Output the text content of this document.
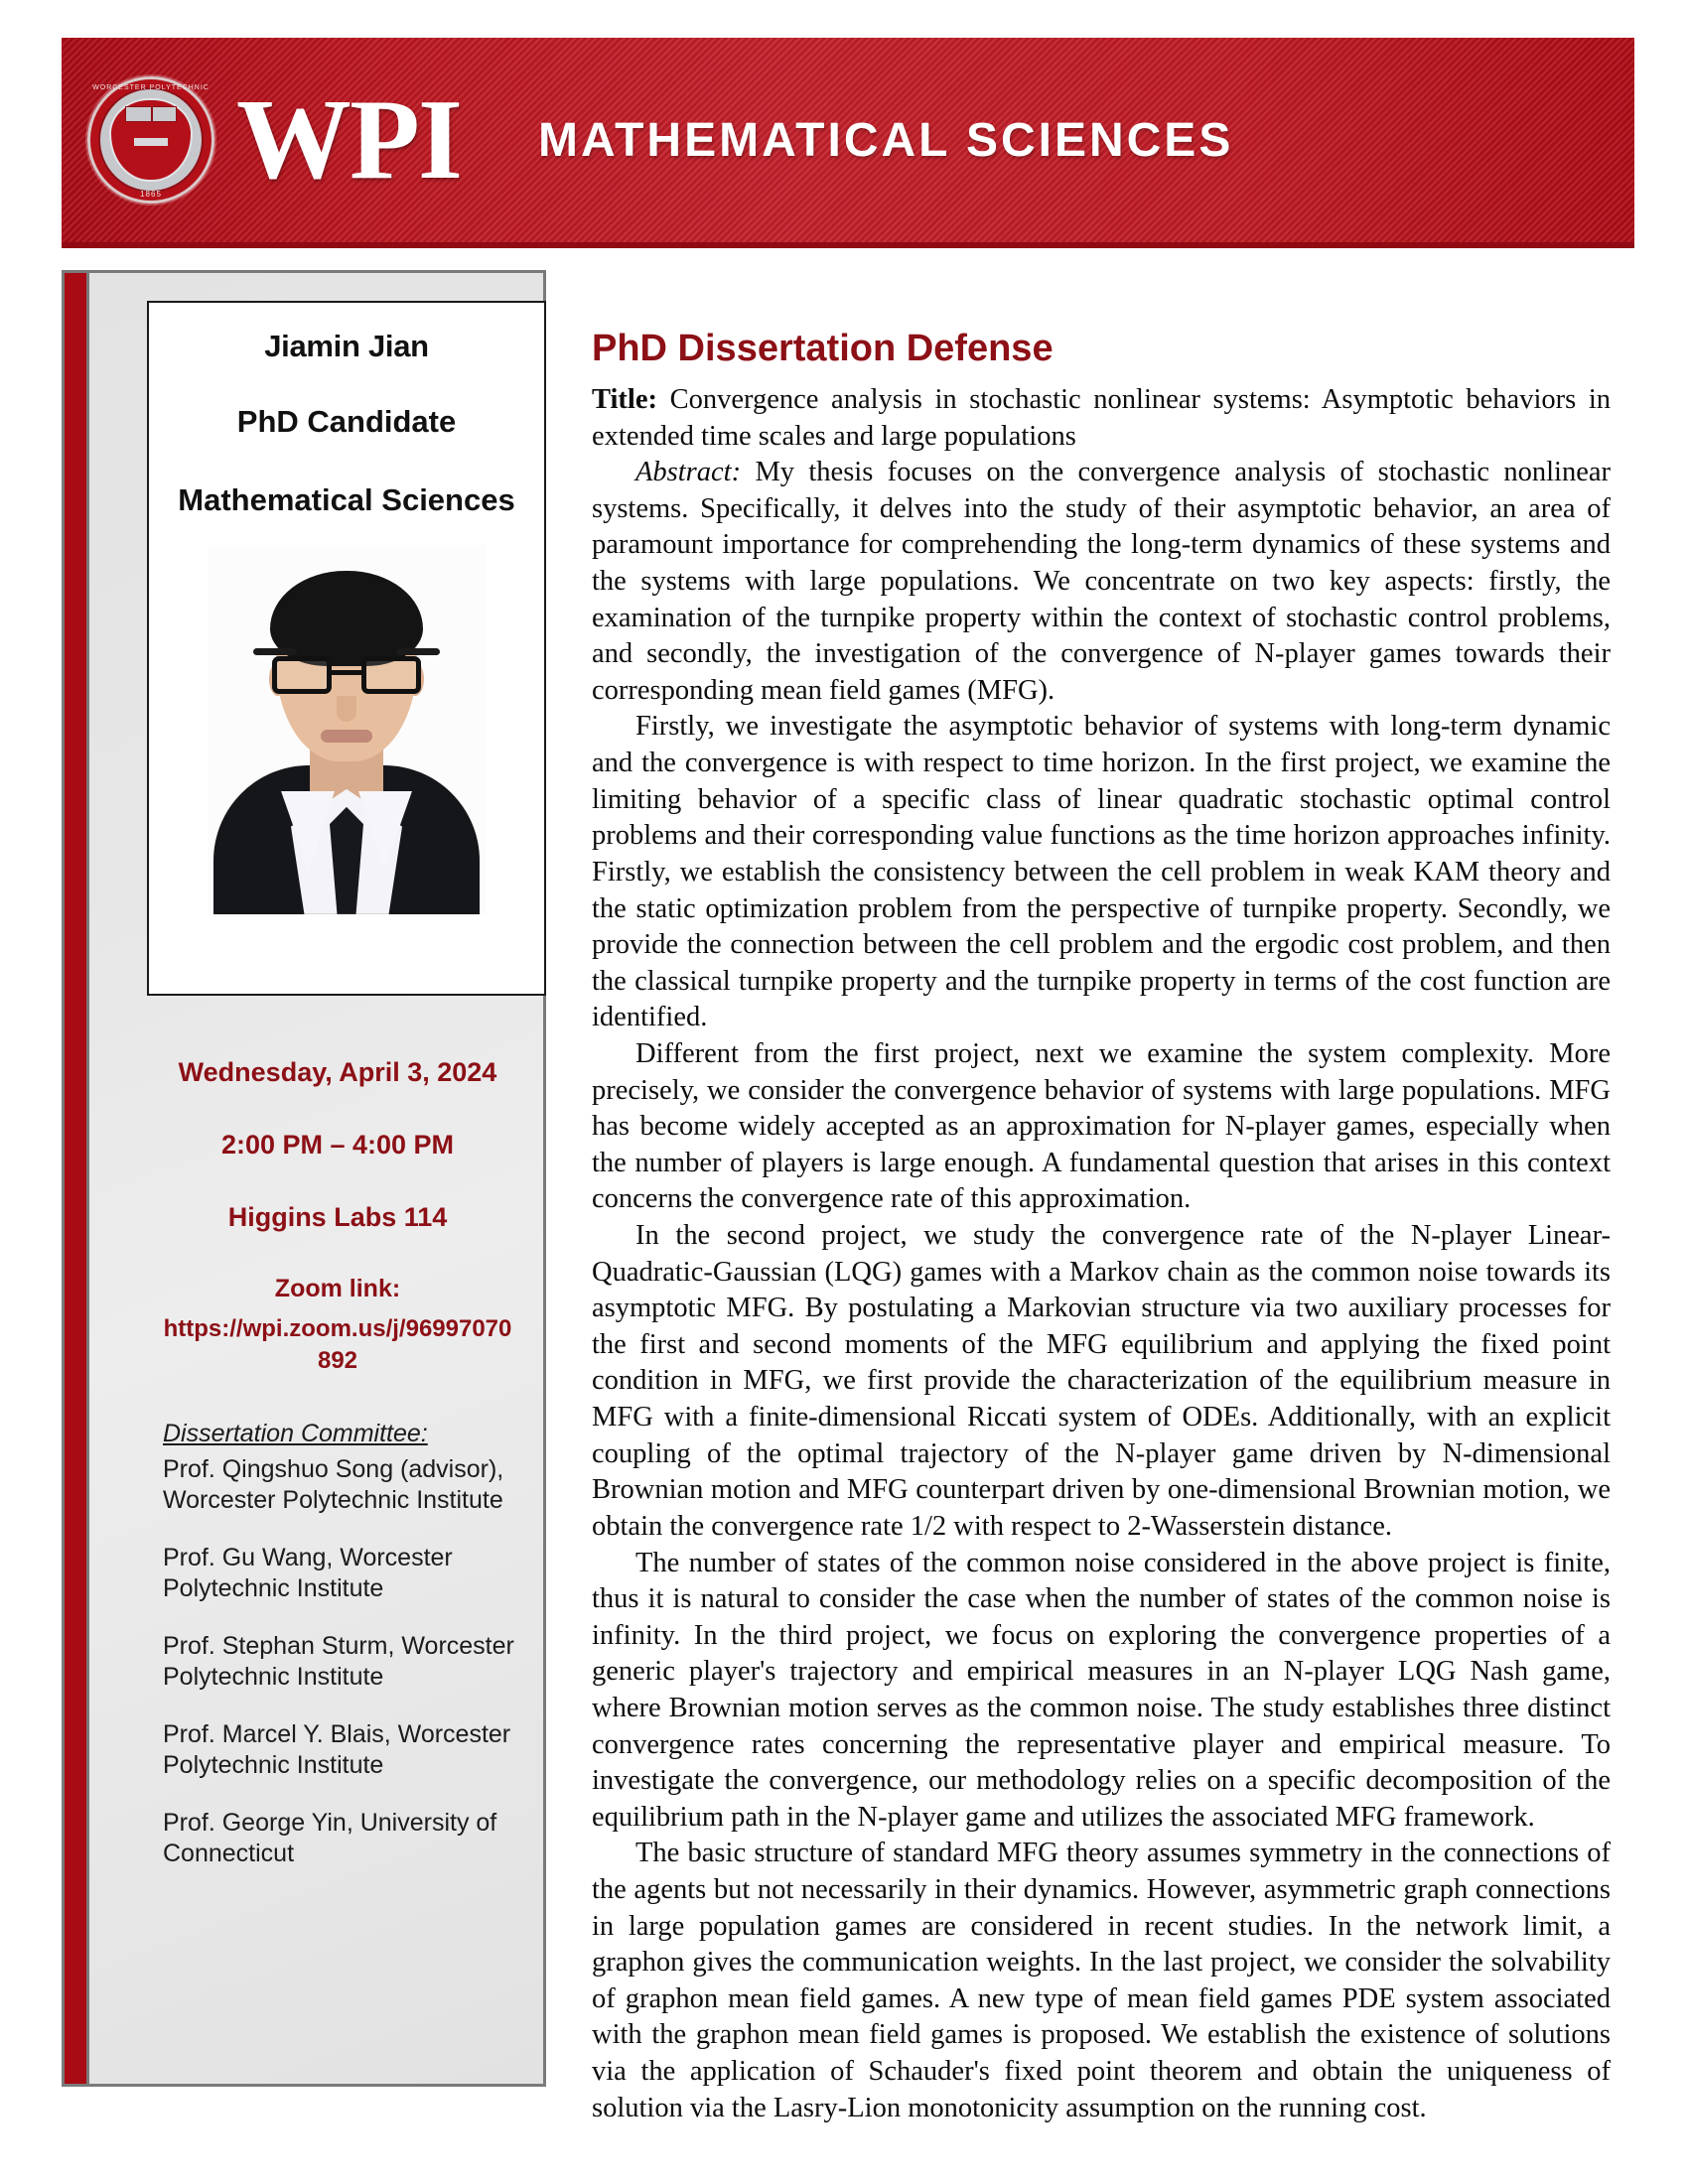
WORCESTER POLYTECHNIC
1865 WPI MATHEMATICAL SCIENCES
Jiamin Jian
PhD Candidate
Mathematical Sciences
Wednesday, April 3, 2024
2:00 PM – 4:00 PM
Higgins Labs 114
Zoom link:
https://wpi.zoom.us/j/96997070892
Dissertation Committee:
Prof. Qingshuo Song (advisor), Worcester Polytechnic Institute
Prof. Gu Wang, Worcester Polytechnic Institute
Prof. Stephan Sturm, Worcester Polytechnic Institute
Prof. Marcel Y. Blais, Worcester Polytechnic Institute
Prof. George Yin, University of Connecticut
PhD Dissertation Defense

Title: Convergence analysis in stochastic nonlinear systems: Asymptotic behaviors in extended time scales and large populations

Abstract: My thesis focuses on the convergence analysis of stochastic nonlinear systems. Specifically, it delves into the study of their asymptotic behavior, an area of paramount importance for comprehending the long-term dynamics of these systems and the systems with large populations. We concentrate on two key aspects: firstly, the examination of the turnpike property within the context of stochastic control problems, and secondly, the investigation of the convergence of N-player games towards their corresponding mean field games (MFG).

Firstly, we investigate the asymptotic behavior of systems with long-term dynamic and the convergence is with respect to time horizon. In the first project, we examine the limiting behavior of a specific class of linear quadratic stochastic optimal control problems and their corresponding value functions as the time horizon approaches infinity. Firstly, we establish the consistency between the cell problem in weak KAM theory and the static optimization problem from the perspective of turnpike property. Secondly, we provide the connection between the cell problem and the ergodic cost problem, and then the classical turnpike property and the turnpike property in terms of the cost function are identified.

Different from the first project, next we examine the system complexity. More precisely, we consider the convergence behavior of systems with large populations. MFG has become widely accepted as an approximation for N-player games, especially when the number of players is large enough. A fundamental question that arises in this context concerns the convergence rate of this approximation.

In the second project, we study the convergence rate of the N-player Linear-Quadratic-Gaussian (LQG) games with a Markov chain as the common noise towards its asymptotic MFG. By postulating a Markovian structure via two auxiliary processes for the first and second moments of the MFG equilibrium and applying the fixed point condition in MFG, we first provide the characterization of the equilibrium measure in MFG with a finite-dimensional Riccati system of ODEs. Additionally, with an explicit coupling of the optimal trajectory of the N-player game driven by N-dimensional Brownian motion and MFG counterpart driven by one-dimensional Brownian motion, we obtain the convergence rate 1/2 with respect to 2-Wasserstein distance.

The number of states of the common noise considered in the above project is finite, thus it is natural to consider the case when the number of states of the common noise is infinity. In the third project, we focus on exploring the convergence properties of a generic player's trajectory and empirical measures in an N-player LQG Nash game, where Brownian motion serves as the common noise. The study establishes three distinct convergence rates concerning the representative player and empirical measure. To investigate the convergence, our methodology relies on a specific decomposition of the equilibrium path in the N-player game and utilizes the associated MFG framework.

The basic structure of standard MFG theory assumes symmetry in the connections of the agents but not necessarily in their dynamics. However, asymmetric graph connections in large population games are considered in recent studies. In the network limit, a graphon gives the communication weights. In the last project, we consider the solvability of graphon mean field games. A new type of mean field games PDE system associated with the graphon mean field games is proposed. We establish the existence of solutions via the application of Schauder's fixed point theorem and obtain the uniqueness of solution via the Lasry-Lion monotonicity assumption on the running cost.
